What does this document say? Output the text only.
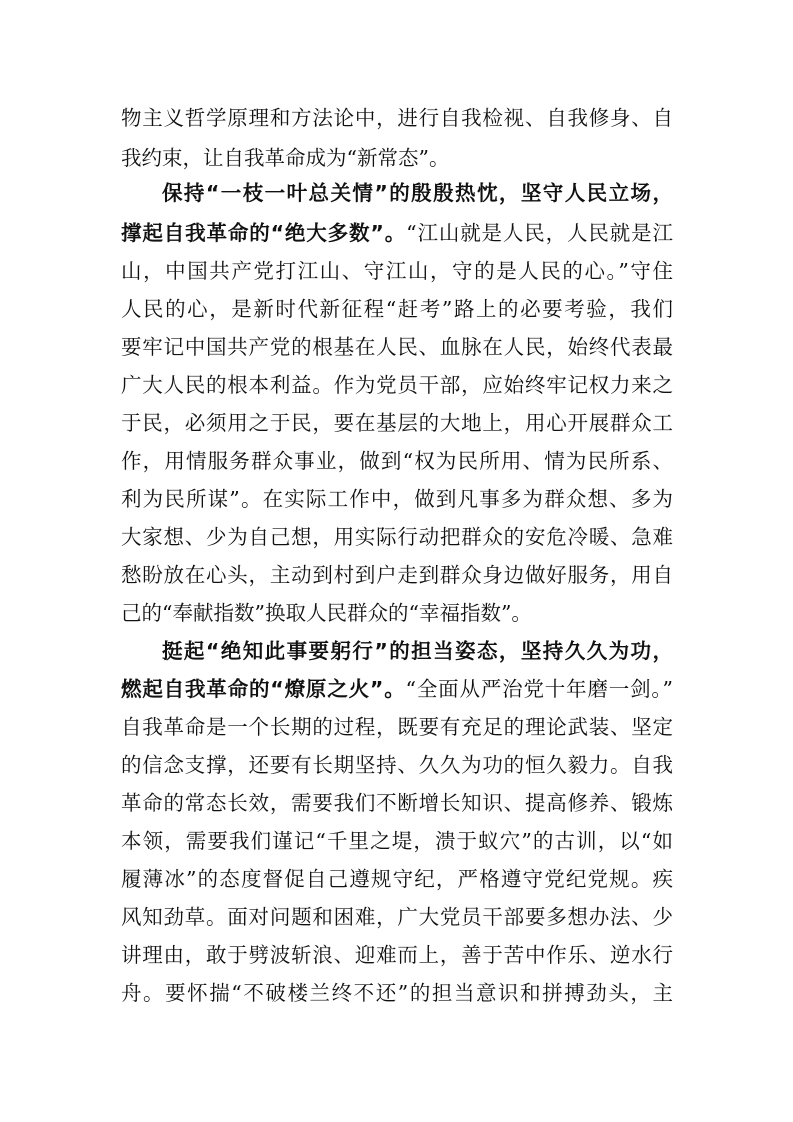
物主义哲学原理和方法论中，进行自我检视、自我修身、自
我约束，让自我革命成为“新常态”。
保持“一枝一叶总关情”的殷殷热忱，坚守人民立场，
撑起自我革命的“绝大多数”。“江山就是人民，人民就是江
山，中国共产党打江山、守江山，守的是人民的心。”守住
人民的心，是新时代新征程“赶考”路上的必要考验，我们
要牢记中国共产党的根基在人民、血脉在人民，始终代表最
广大人民的根本利益。作为党员干部，应始终牢记权力来之
于民，必须用之于民，要在基层的大地上，用心开展群众工
作，用情服务群众事业，做到“权为民所用、情为民所系、
利为民所谋”。在实际工作中，做到凡事多为群众想、多为
大家想、少为自己想，用实际行动把群众的安危冷暖、急难
愁盼放在心头，主动到村到户走到群众身边做好服务，用自
己的“奉献指数”换取人民群众的“幸福指数”。
挺起“绝知此事要躬行”的担当姿态，坚持久久为功，
燃起自我革命的“燎原之火”。“全面从严治党十年磨一剑。”
自我革命是一个长期的过程，既要有充足的理论武装、坚定
的信念支撑，还要有长期坚持、久久为功的恒久毅力。自我
革命的常态长效，需要我们不断增长知识、提高修养、锻炼
本领，需要我们谨记“千里之堤，溃于蚁穴”的古训，以“如
履薄冰”的态度督促自己遵规守纪，严格遵守党纪党规。疾
风知劲草。面对问题和困难，广大党员干部要多想办法、少
讲理由，敢于劈波斩浪、迎难而上，善于苦中作乐、逆水行
舟。要怀揣“不破楼兰终不还”的担当意识和拼搏劲头，主
